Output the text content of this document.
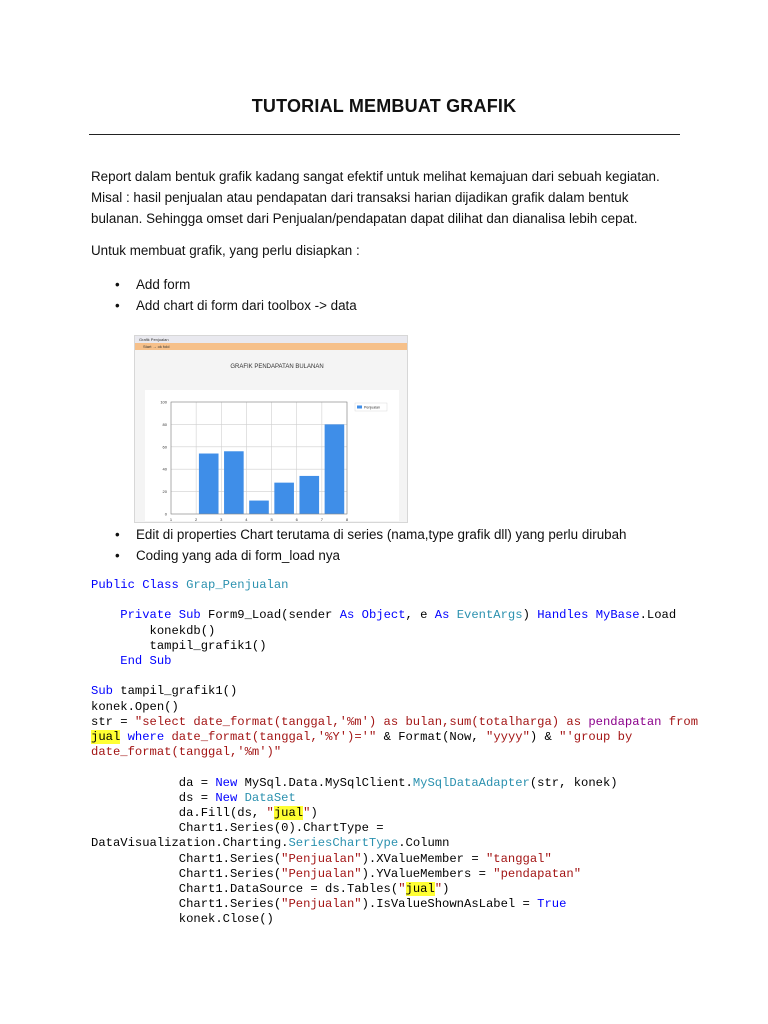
TUTORIAL MEMBUAT GRAFIK
Report dalam bentuk grafik kadang sangat efektif untuk melihat kemajuan dari sebuah kegiatan. Misal : hasil penjualan atau pendapatan dari transaksi harian dijadikan grafik dalam bentuk bulanan. Sehingga omset dari Penjualan/pendapatan dapat dilihat dan dianalisa lebih cepat.
Untuk membuat grafik, yang perlu disiapkan :
• Add form
• Add chart di form dari toolbox -> data
Grafik Penjualan
Start → ok fold
GRAFIK PENDAPATAN BULANAN
0
20
40
60
80
100
1	2	3	4	5	6	7	8
Penjualan
• Edit di properties Chart terutama di series (nama,type grafik dll) yang perlu dirubah
• Coding yang ada di form_load nya
Public Class Grap_Penjualan

Private Sub Form9_Load(sender As Object, e As EventArgs) Handles MyBase.Load
konekdb()
tampil_grafik1()
End Sub

Sub tampil_grafik1()
konek.Open()
str = "select date_format(tanggal,'%m') as bulan,sum(totalharga) as pendapatan from
jual where date_format(tanggal,'%Y')='" & Format(Now, "yyyy") & "'group by
date_format(tanggal,'%m')"

da = New MySql.Data.MySqlClient.MySqlDataAdapter(str, konek)
ds = New DataSet
da.Fill(ds, "jual")
Chart1.Series(0).ChartType =
DataVisualization.Charting.SeriesChartType.Column
Chart1.Series("Penjualan").XValueMember = "tanggal"
Chart1.Series("Penjualan").YValueMembers = "pendapatan"
Chart1.DataSource = ds.Tables("jual")
Chart1.Series("Penjualan").IsValueShownAsLabel = True
konek.Close()
